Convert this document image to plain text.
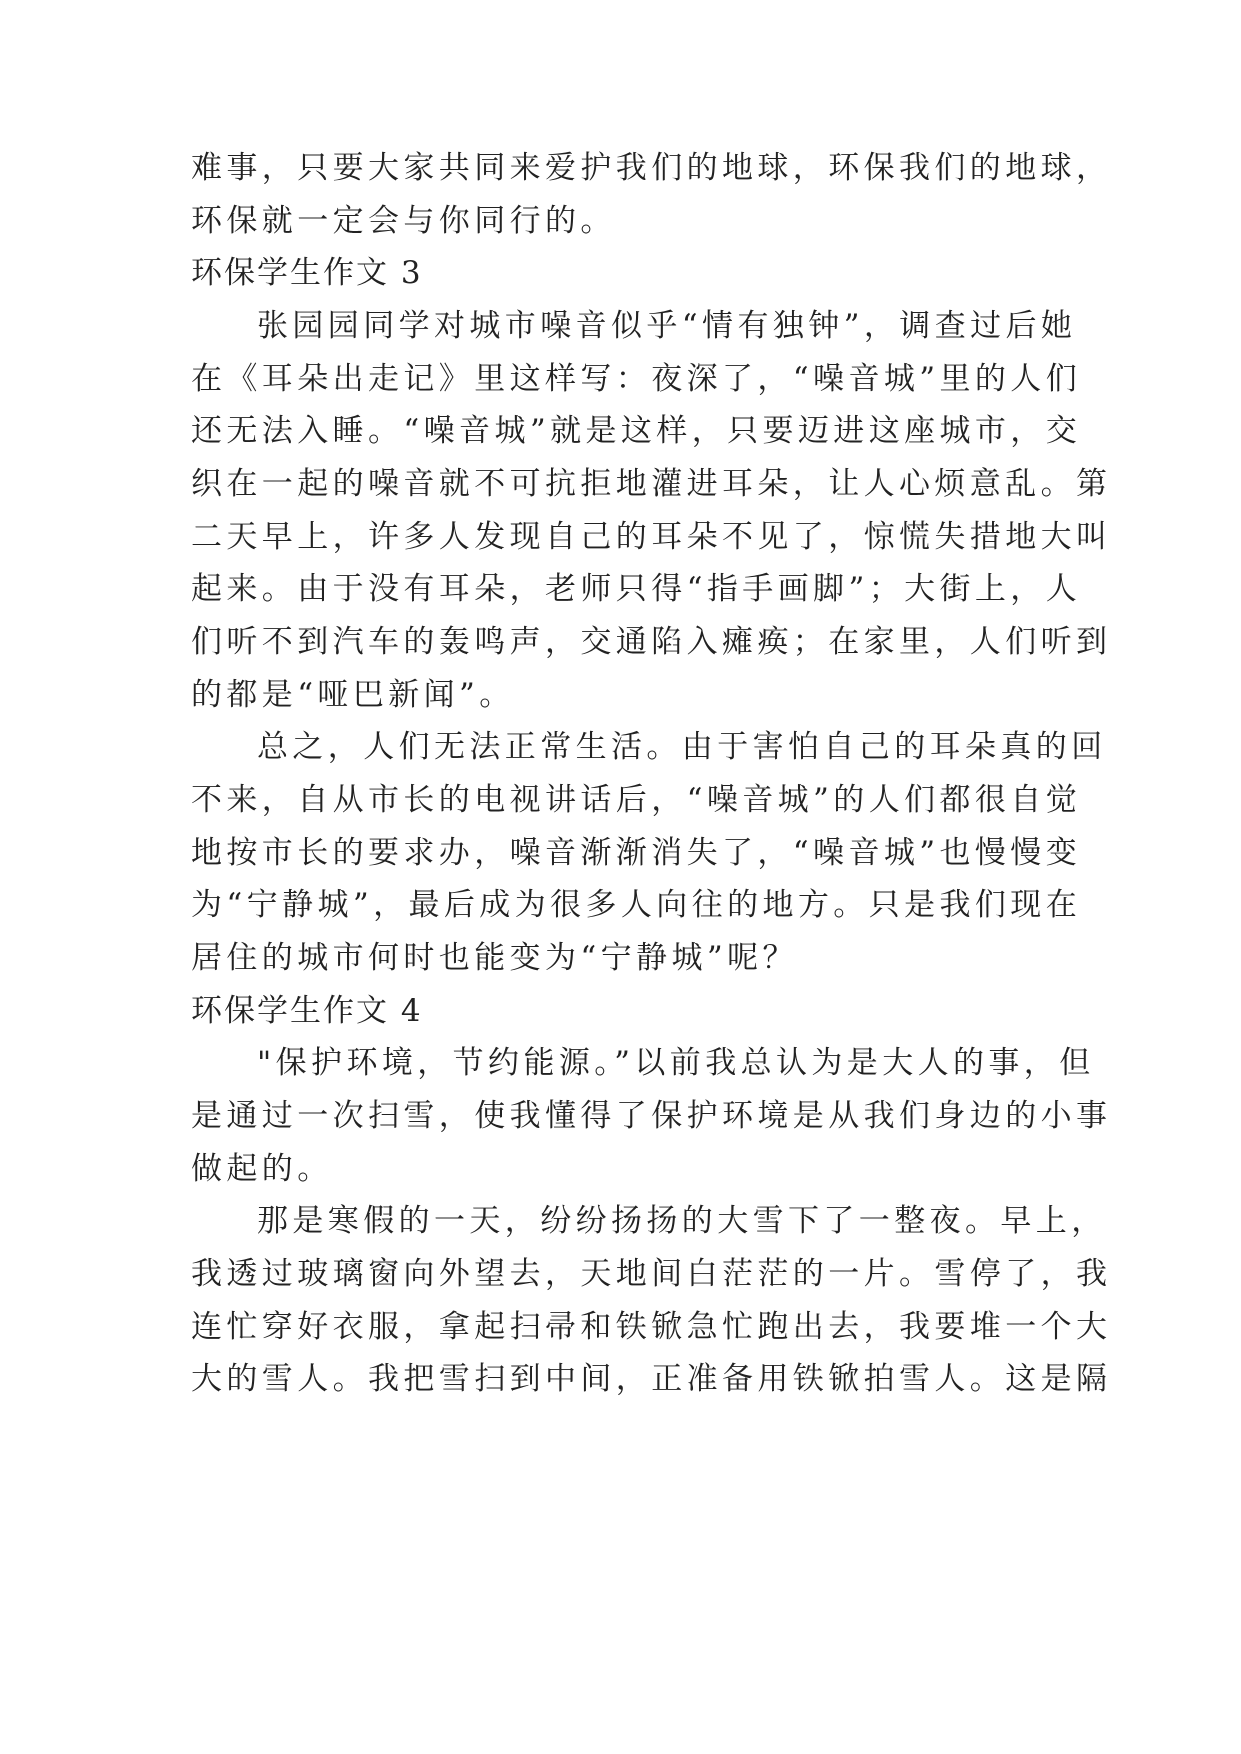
难事，只要大家共同来爱护我们的地球，环保我们的地球，

环保就一定会与你同行的。

环保学生作文 3

张园园同学对城市噪音似乎“情有独钟”，调查过后她

在《耳朵出走记》里这样写：夜深了，“噪音城”里的人们

还无法入睡。“噪音城”就是这样，只要迈进这座城市，交

织在一起的噪音就不可抗拒地灌进耳朵，让人心烦意乱。第

二天早上，许多人发现自己的耳朵不见了，惊慌失措地大叫

起来。由于没有耳朵，老师只得“指手画脚”；大街上，人

们听不到汽车的轰鸣声，交通陷入瘫痪；在家里，人们听到

的都是“哑巴新闻”。

总之，人们无法正常生活。由于害怕自己的耳朵真的回

不来，自从市长的电视讲话后，“噪音城”的人们都很自觉

地按市长的要求办，噪音渐渐消失了，“噪音城”也慢慢变

为“宁静城”，最后成为很多人向往的地方。只是我们现在

居住的城市何时也能变为“宁静城”呢？

环保学生作文 4

"保护环境，节约能源。”以前我总认为是大人的事，但

是通过一次扫雪，使我懂得了保护环境是从我们身边的小事

做起的。

那是寒假的一天，纷纷扬扬的大雪下了一整夜。早上，

我透过玻璃窗向外望去，天地间白茫茫的一片。雪停了，我

连忙穿好衣服，拿起扫帚和铁锨急忙跑出去，我要堆一个大

大的雪人。我把雪扫到中间，正准备用铁锨拍雪人。这是隔
